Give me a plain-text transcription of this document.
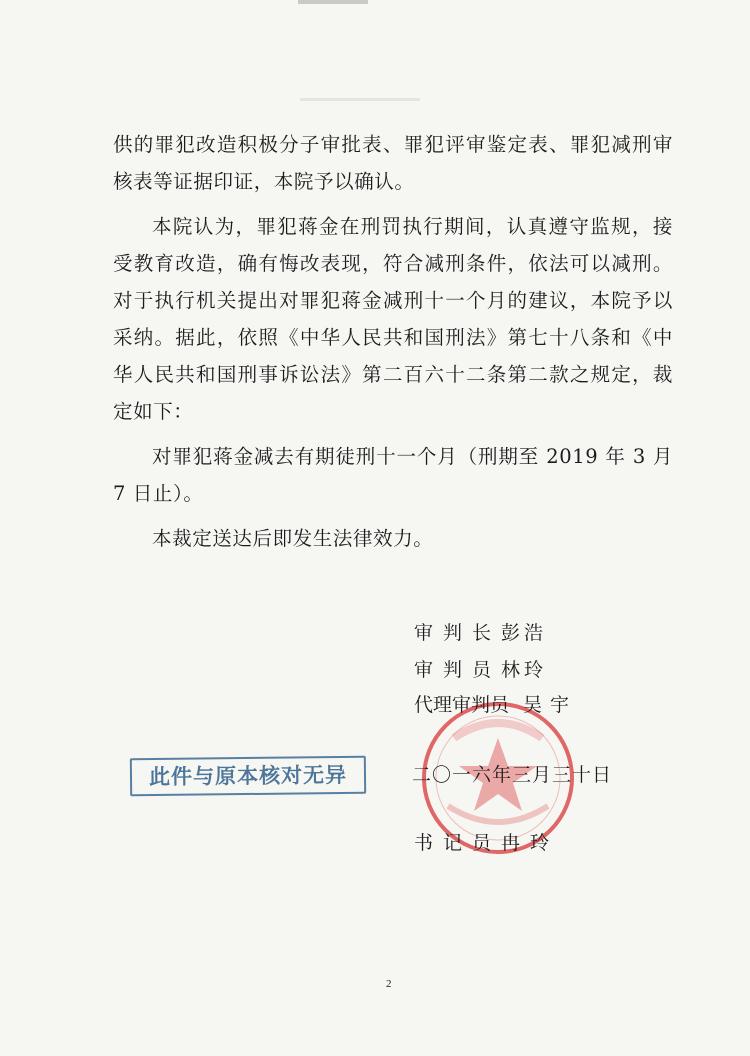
供的罪犯改造积极分子审批表、罪犯评审鉴定表、罪犯减刑审核表等证据印证，本院予以确认。

本院认为，罪犯蒋金在刑罚执行期间，认真遵守监规，接受教育改造，确有悔改表现，符合减刑条件，依法可以减刑。对于执行机关提出对罪犯蒋金减刑十一个月的建议，本院予以采纳。据此，依照《中华人民共和国刑法》第七十八条和《中华人民共和国刑事诉讼法》第二百六十二条第二款之规定，裁定如下：

对罪犯蒋金减去有期徒刑十一个月（刑期至 2019 年 3 月 7 日止）。

本裁定送达后即发生法律效力。

审判长彭浩
审判员林玲
代理审判员 吴宇
此件与原本核对无异	二〇一六年三月三十日
书记员冉玲
2
